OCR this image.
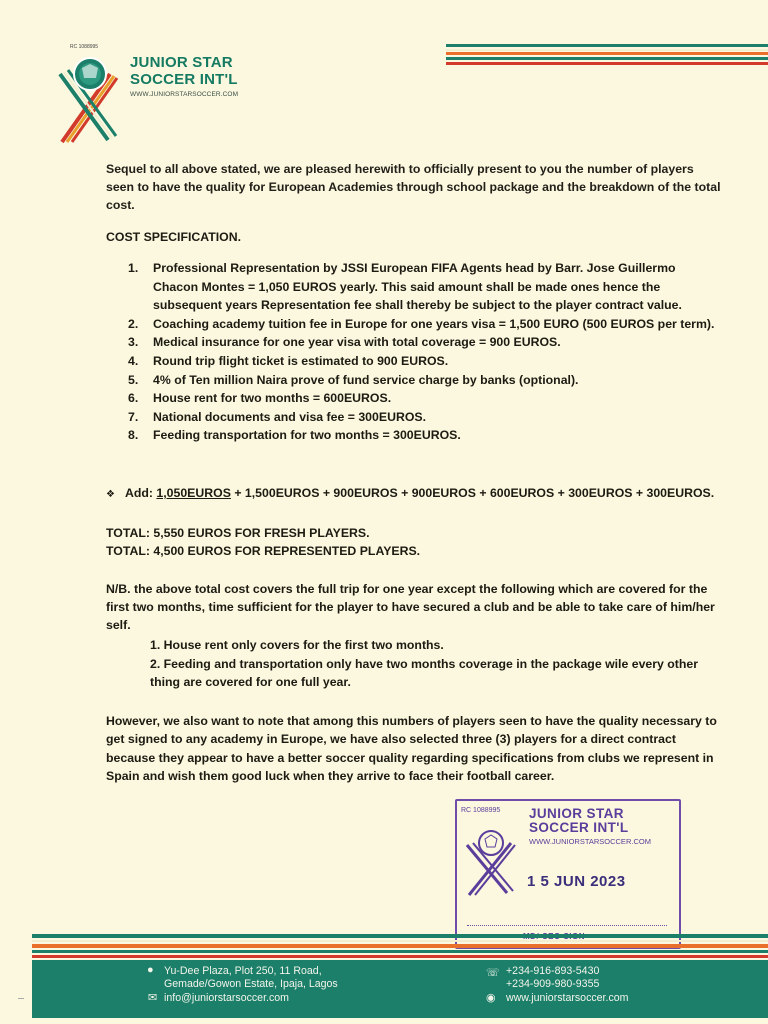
RC 1088995
JUNIOR STAR
SOCCER INT'L
WWW.JUNIORSTARSOCCER.COM
Sequel to all above stated, we are pleased herewith to officially present to you the number of players seen to have the quality for European Academies through school package and the breakdown of the total cost.
COST SPECIFICATION.
1. Professional Representation by JSSI European FIFA Agents head by Barr. Jose Guillermo Chacon Montes = 1,050 EUROS yearly. This said amount shall be made ones hence the subsequent years Representation fee shall thereby be subject to the player contract value.
2. Coaching academy tuition fee in Europe for one years visa = 1,500 EURO (500 EUROS per term).
3. Medical insurance for one year visa with total coverage = 900 EUROS.
4. Round trip flight ticket is estimated to 900 EUROS.
5. 4% of Ten million Naira prove of fund service charge by banks (optional).
6. House rent for two months = 600EUROS.
7. National documents and visa fee = 300EUROS.
8. Feeding transportation for two months = 300EUROS.
❖ Add: 1,050EUROS + 1,500EUROS + 900EUROS + 900EUROS + 600EUROS + 300EUROS + 300EUROS.
TOTAL: 5,550 EUROS FOR FRESH PLAYERS.
TOTAL: 4,500 EUROS FOR REPRESENTED PLAYERS.
N/B. the above total cost covers the full trip for one year except the following which are covered for the first two months, time sufficient for the player to have secured a club and be able to take care of him/her self.
1. House rent only covers for the first two months.
2. Feeding and transportation only have two months coverage in the package wile every other thing are covered for one full year.
However, we also want to note that among this numbers of players seen to have the quality necessary to get signed to any academy in Europe, we have also selected three (3) players for a direct contract because they appear to have a better soccer quality regarding specifications from clubs we represent in Spain and wish them good luck when they arrive to face their football career.
RC 1088995 JUNIOR STAR
SOCCER INT'L
WWW.JUNIORSTARSOCCER.COM
1 5 JUN 2023
● Yu-Dee Plaza, Plot 250, 11 Road,
Gemade/Gowon Estate, Ipaja, Lagos
✉ info@juniorstarsoccer.com
☏ +234-916-893-5430
+234-909-980-9355
◉ www.juniorstarsoccer.com
